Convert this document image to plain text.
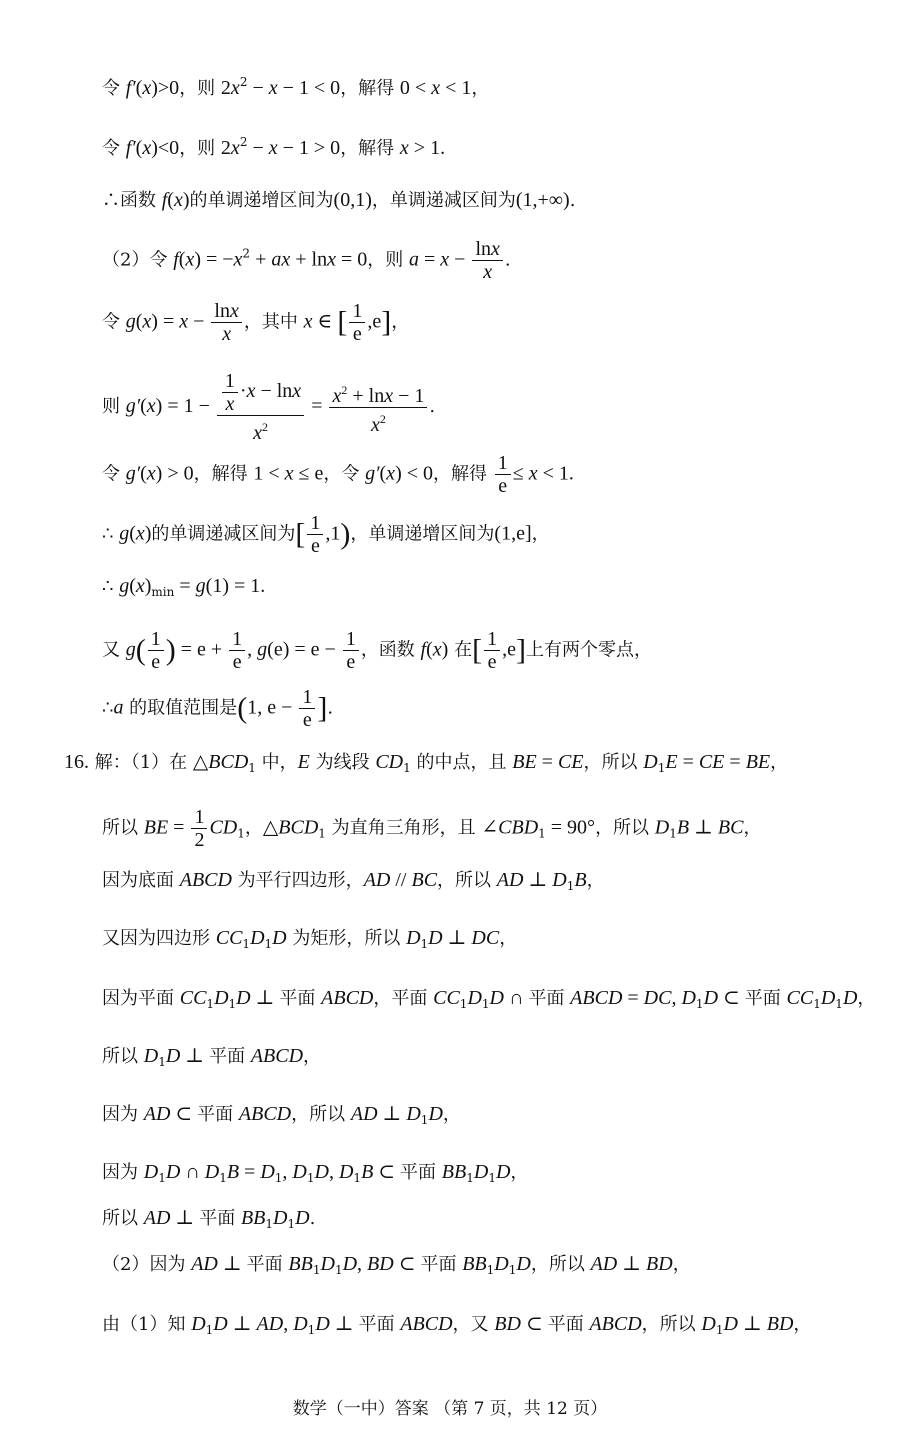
令 f′(x)>0，则 $2x^2 - x - 1 < 0$，解得 0 < x < 1，
令 f′(x)<0，则 $2x^2 - x - 1 > 0$，解得 x > 1.
∴函数 f(x)的单调递增区间为(0,1)，单调递减区间为(1,+∞).
（2）令 $f(x) = -x^2$ + ax + lnx = 0，则 $a = x - \frac{\ln x}{x}$ .
令 $g(x) = x - \frac{\ln x}{x}$ ，其中 x ∈ [ $\frac{1}{e} ,e$]，
则 $g'(x) = 1 - \frac{\frac{1}{x} \cdot x - \ln x}{x^2} = \frac{x^2 + \ln x - 1}{x^2}$ .
令 g′(x) > 0，解得 1 < x ≤ e，令 g′(x) < 0，解得 $\frac{1}{e} \le x < 1$.
∴ g(x)的单调递减区间为[ $\frac{1}{e} ,1$)，单调递增区间为(1,e]，
∴ $g(x)_{min} = g(1) = 1$.
又 $g( \frac{1}{e}$ ) = $e + \frac{1}{e}$ , $g(e) = e - \frac{1}{e}$ ，函数 f(x) 在[ $\frac{1}{e} ,e$]上有两个零点，
∴a 的取值范围是(1, $e - \frac{1}{e}$ ].
16. 解：（1）在 $\triangle BCD_1$ 中，E 为线段 $CD_1$ 的中点，且 BE = CE，所以 $D_1E$ = CE = BE，
所以 BE = $\frac{1}{2} CD_1$，$\triangle BCD_1$ 为直角三角形，且 $\angle CBD_1 = 90^\circ$，所以 $D_1B$ ⊥ BC，
因为底面 ABCD 为平行四边形，AD // BC，所以 AD ⊥ $D_1B$，
又因为四边形 $CC_1D_1D$ 为矩形，所以 $D_1D$ ⊥ DC，
因为平面 $CC_1D_1D$ ⊥ 平面 ABCD，平面 $CC_1D_1D$ ∩ 平面 ABCD = DC, $D_1D$ ⊂ 平面 $CC_1D_1D$，
所以 $D_1D$ ⊥ 平面 ABCD，
因为 AD ⊂ 平面 ABCD，所以 AD ⊥ $D_1D$，
因为 $D_1D$ ∩ $D_1B = D_1$, $D_1D$, $D_1B$ ⊂ 平面 $BB_1D_1D$，
所以 AD ⊥ 平面 $BB_1D_1D$.
（2）因为 AD ⊥ 平面 $BB_1D_1D$, BD ⊂ 平面 $BB_1D_1D$，所以 AD ⊥ BD，
由（1）知 $D_1D$ ⊥ AD, $D_1D$ ⊥ 平面 ABCD，又 BD ⊂ 平面 ABCD，所以 $D_1D$ ⊥ BD，
数学（一中）答案 （第 7 页，共 12 页）
